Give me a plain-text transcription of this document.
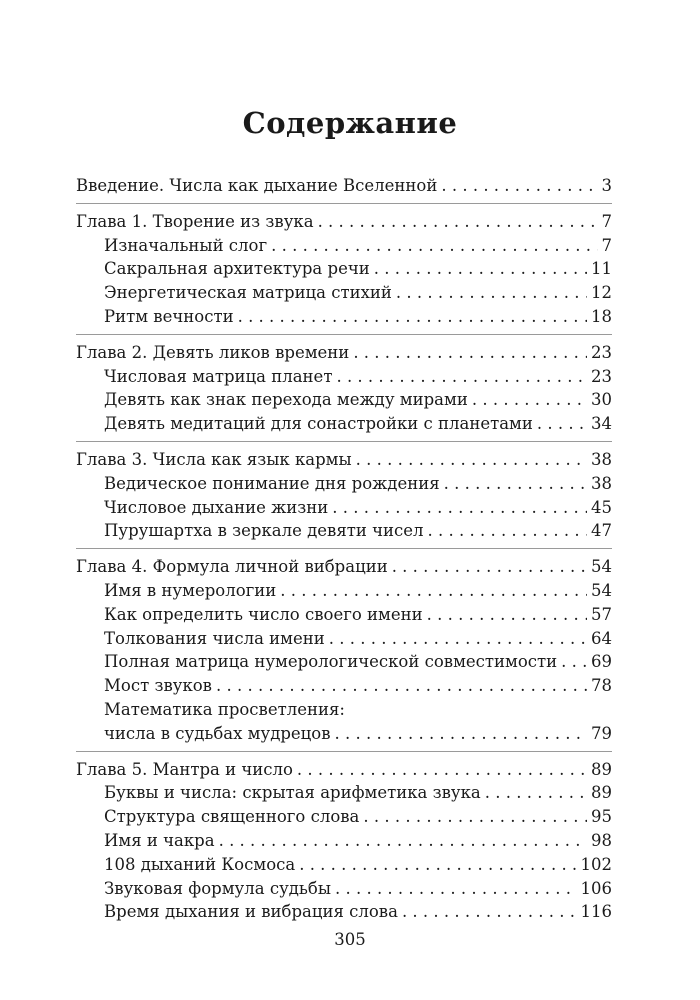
Содержание
Введение. Числа как дыхание Вселенной . . .	3
Глава 1. Творение из звука . . .	7
Изначальный слог . . .	7
Сакральная архитектура речи . . .	11
Энергетическая матрица стихий . . .	12
Ритм вечности . . .	18
Глава 2. Девять ликов времени . . .	23
Числовая матрица планет . . .	23
Девять как знак перехода между мирами . . .	30
Девять медитаций для сонастройки с планетами . . .	34
Глава 3. Числа как язык кармы . . .	38
Ведическое понимание дня рождения . . .	38
Числовое дыхание жизни . . .	45
Пурушартха в зеркале девяти чисел . . .	47
Глава 4. Формула личной вибрации . . .	54
Имя в нумерологии . . .	54
Как определить число своего имени . . .	57
Толкования числа имени . . .	64
Полная матрица нумерологической совместимости . . . 69
Мост звуков . . .	78
Математика просветления:
числа в судьбах мудрецов . . .	79
Глава 5. Мантра и число . . .	89
Буквы и числа: скрытая арифметика звука . . .	89
Структура священного слова . . .	95
Имя и чакра . . .	98
108 дыханий Космоса . . .	102
Звуковая формула судьбы . . .	106
Время дыхания и вибрация слова . . .	116
305
